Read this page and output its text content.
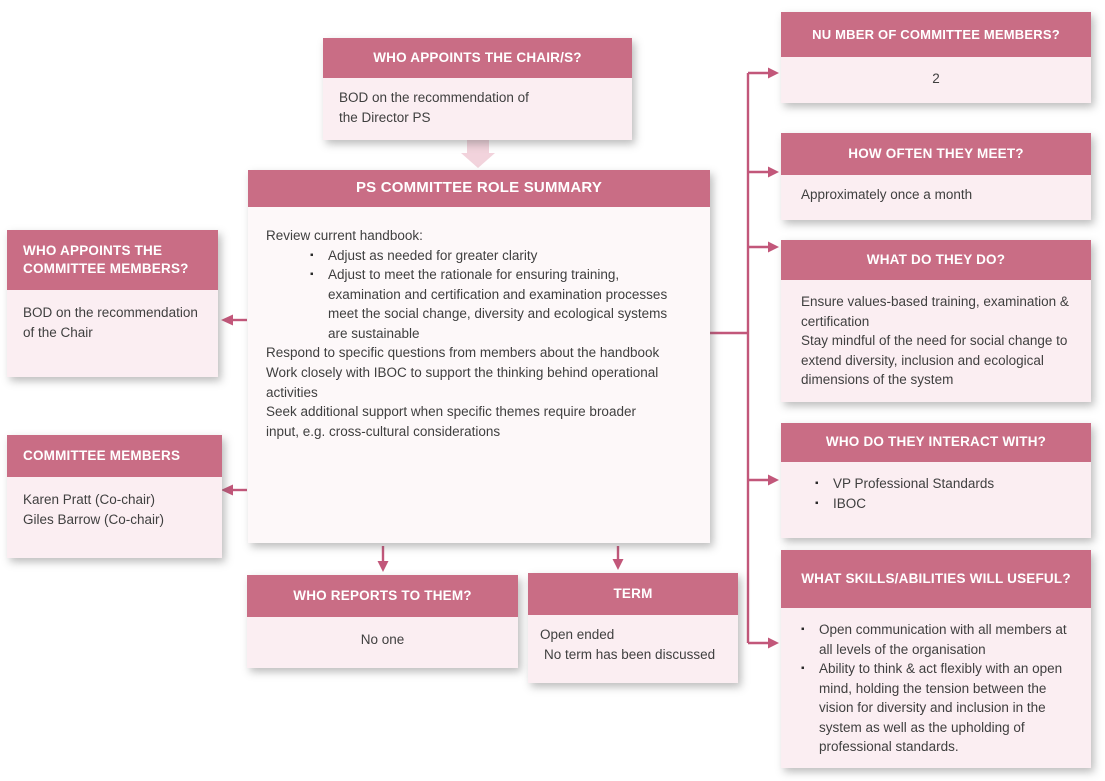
WHO APPOINTS THE CHAIR/S?
BOD on the recommendation of
the Director PS
PS COMMITTEE ROLE SUMMARY
Review current handbook:
▪	Adjust as needed for greater clarity
▪	Adjust to meet the rationale for ensuring training, examination and certification and examination processes meet the social change, diversity and ecological systems are sustainable
Respond to specific questions from members about the handbook
Work closely with IBOC to support the thinking behind operational activities
Seek additional support when specific themes require broader input, e.g. cross-cultural considerations
WHO APPOINTS THE COMMITTEE MEMBERS?
BOD on the recommendation of the Chair
COMMITTEE MEMBERS
Karen Pratt (Co-chair)
Giles Barrow (Co-chair)
WHO REPORTS TO THEM?
No one
TERM
Open ended
No term has been discussed
NU MBER OF COMMITTEE MEMBERS?
2
HOW OFTEN THEY MEET?
Approximately once a month
WHAT DO THEY DO?
Ensure values-based training, examination & certification
Stay mindful of the need for social change to extend diversity, inclusion and ecological dimensions of the system
WHO DO THEY INTERACT WITH?
▪	VP Professional Standards
▪	IBOC
WHAT SKILLS/ABILITIES WILL USEFUL?
▪	Open communication with all members at all levels of the organisation
▪	Ability to think & act flexibly with an open mind, holding the tension between the vision for diversity and inclusion in the system as well as the upholding of professional standards.
